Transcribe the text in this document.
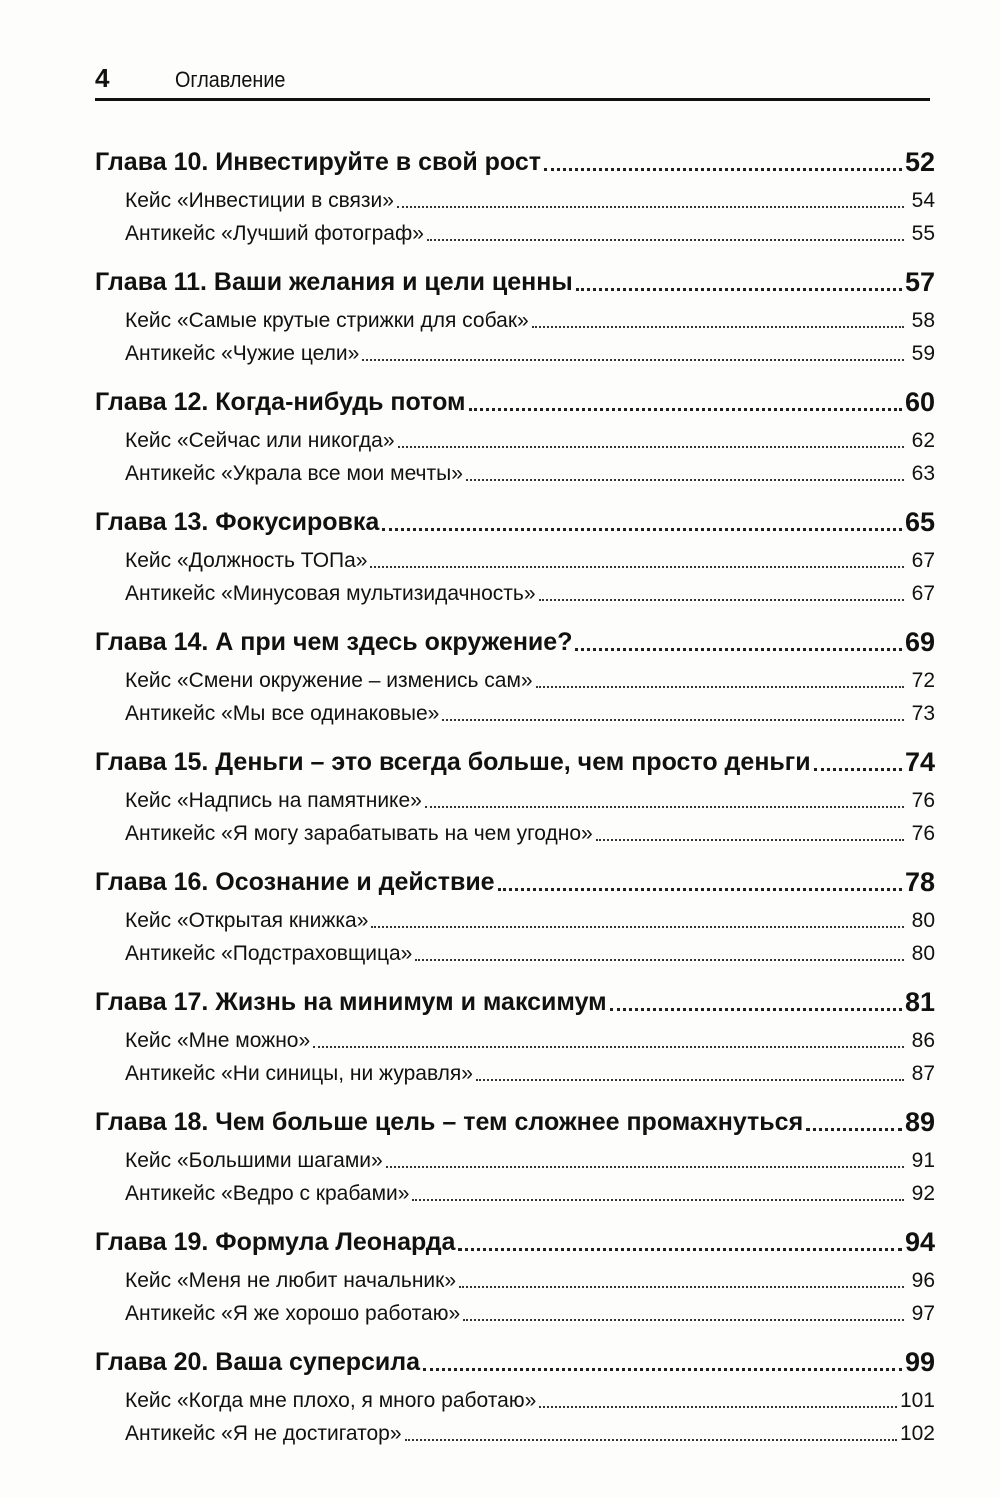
4	Оглавление
Глава 10. Инвестируйте в свой рост	52
Кейс «Инвестиции в связи»	54
Антикейс «Лучший фотограф»	55
Глава 11. Ваши желания и цели ценны	57
Кейс «Самые крутые стрижки для собак»	58
Антикейс «Чужие цели»	59
Глава 12. Когда-нибудь потом	60
Кейс «Сейчас или никогда»	62
Антикейс «Украла все мои мечты»	63
Глава 13. Фокусировка	65
Кейс «Должность ТОПа»	67
Антикейс «Минусовая мультизидачность»	67
Глава 14. А при чем здесь окружение?	69
Кейс «Смени окружение – изменись сам»	72
Антикейс «Мы все одинаковые»	73
Глава 15. Деньги – это всегда больше, чем просто деньги	74
Кейс «Надпись на памятнике»	76
Антикейс «Я могу зарабатывать на чем угодно»	76
Глава 16. Осознание и действие	78
Кейс «Открытая книжка»	80
Антикейс «Подстраховщица»	80
Глава 17. Жизнь на минимум и максимум	81
Кейс «Мне можно»	86
Антикейс «Ни синицы, ни журавля»	87
Глава 18. Чем больше цель – тем сложнее промахнуться	89
Кейс «Большими шагами»	91
Антикейс «Ведро с крабами»	92
Глава 19. Формула Леонарда	94
Кейс «Меня не любит начальник»	96
Антикейс «Я же хорошо работаю»	97
Глава 20. Ваша суперсила	99
Кейс «Когда мне плохо, я много работаю»	101
Антикейс «Я не достигатор»	102
